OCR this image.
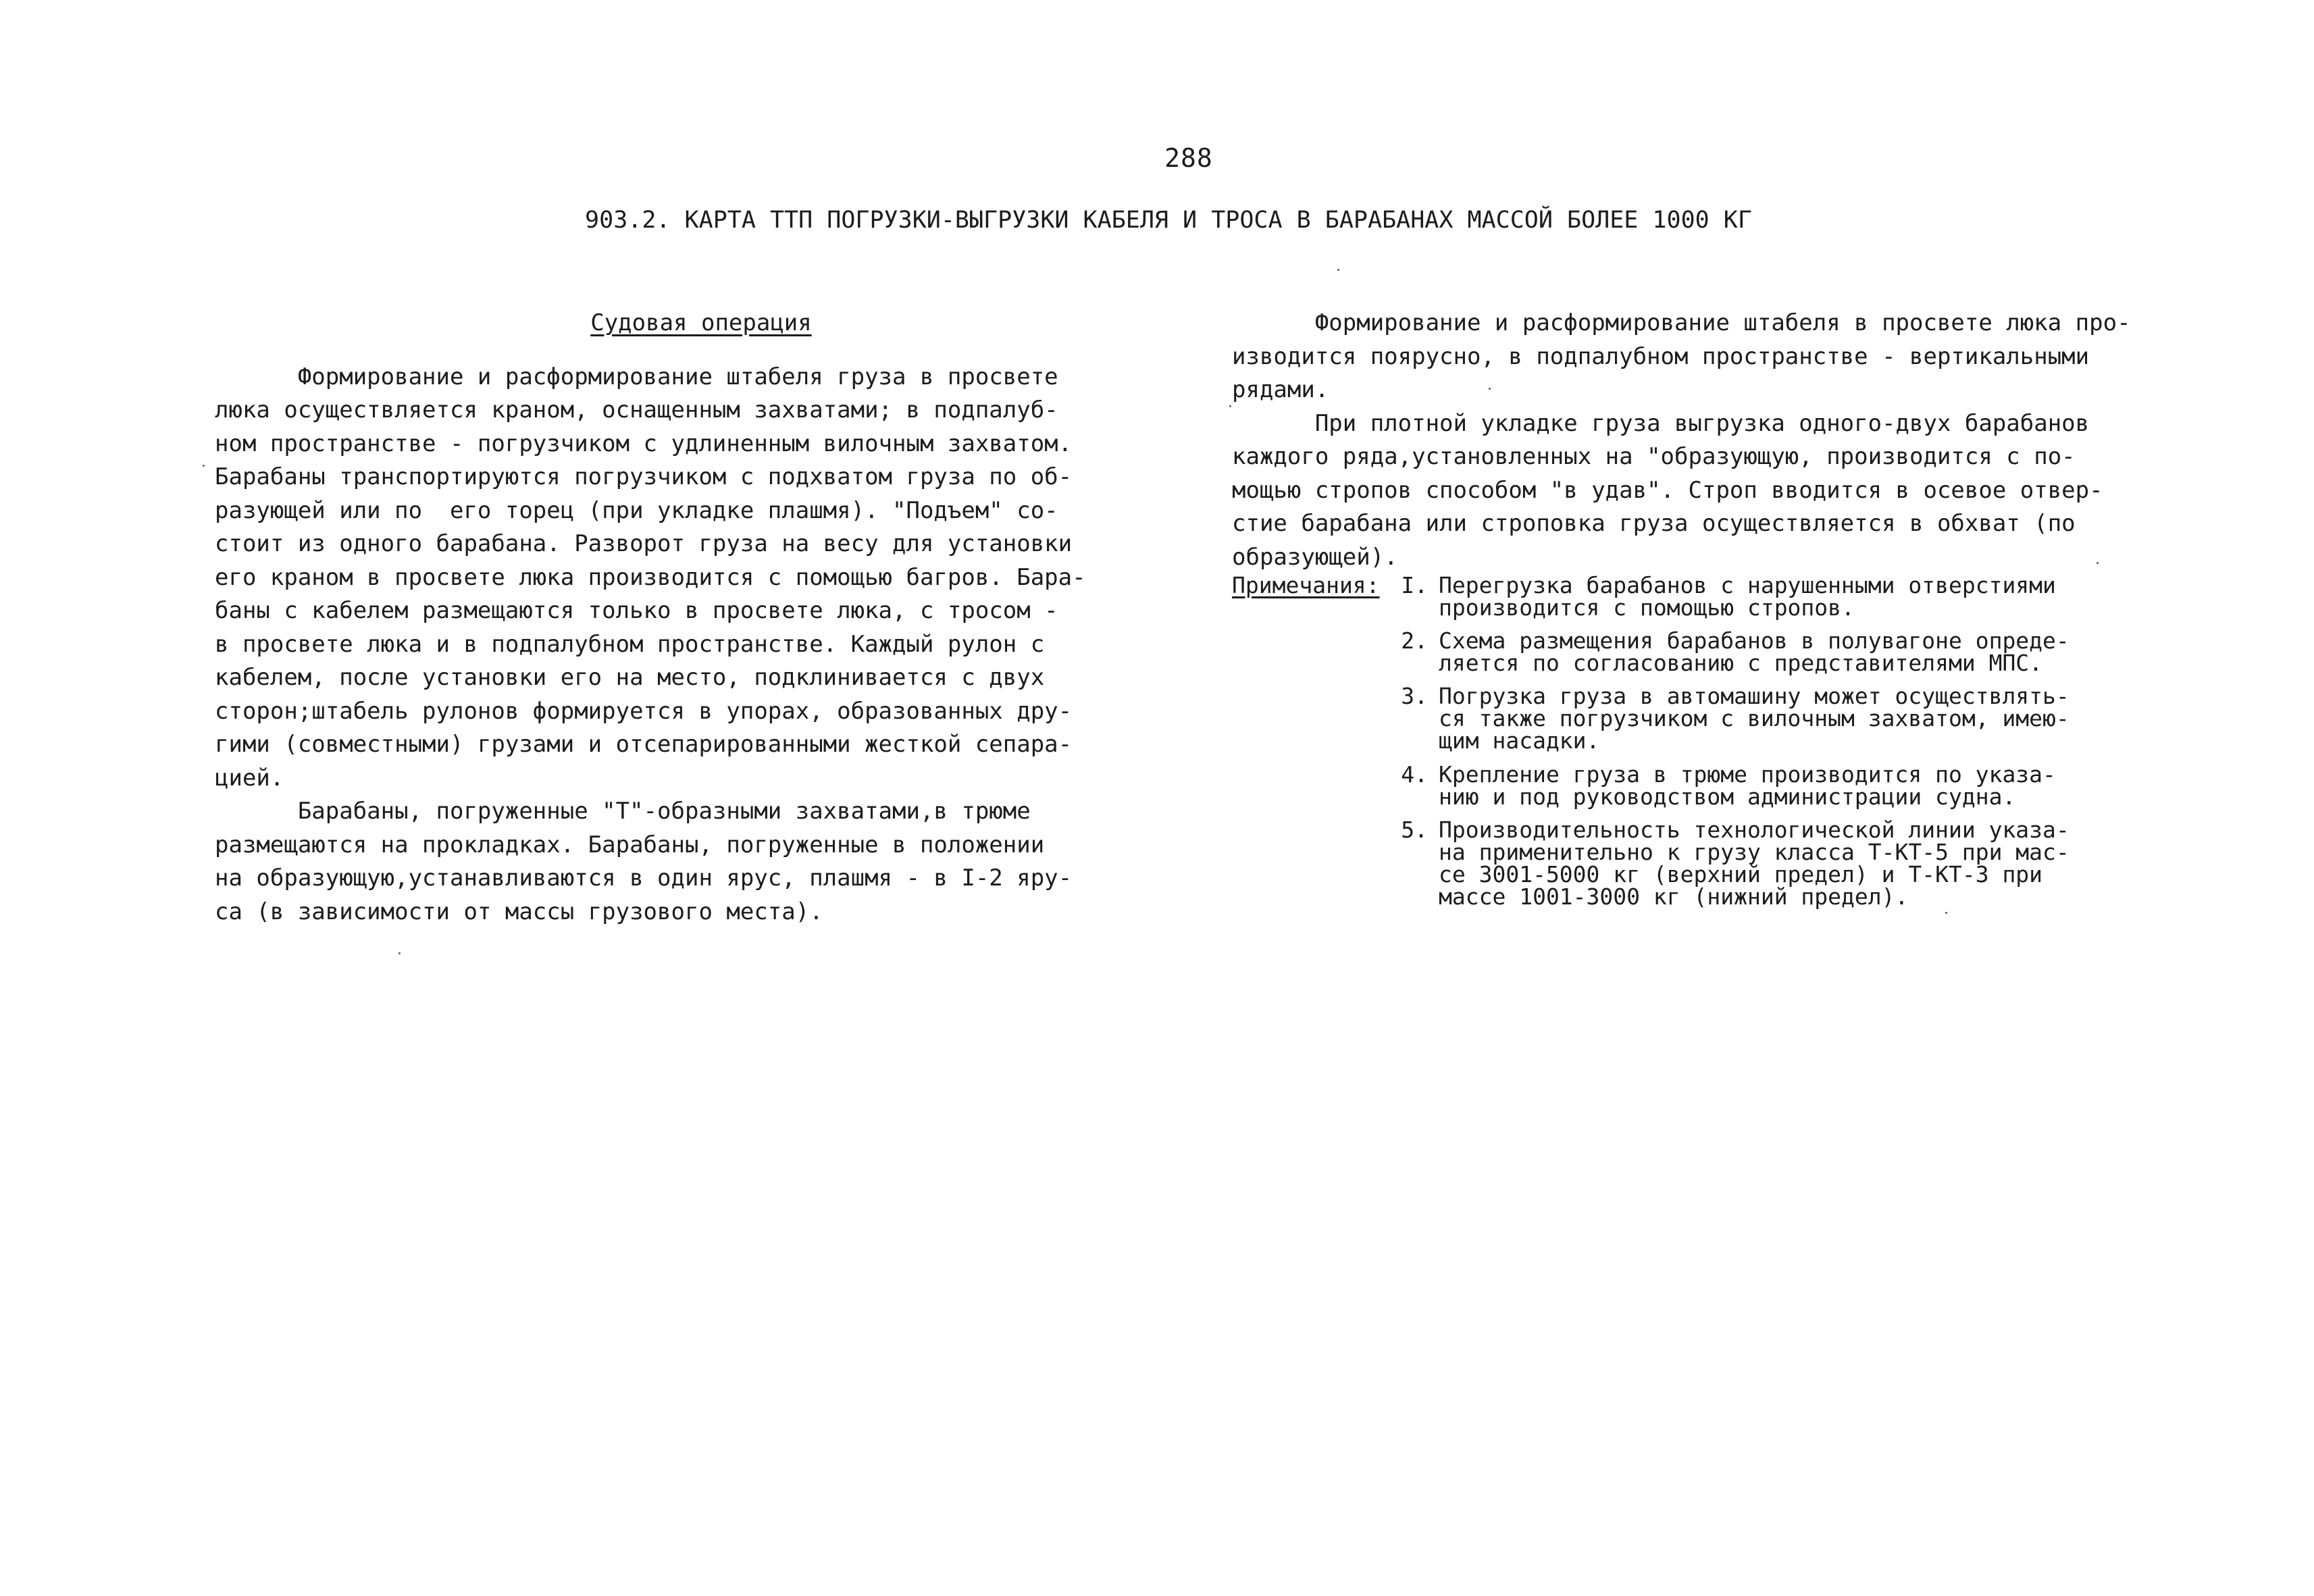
288
903.2. КАРТА ТТП ПОГРУЗКИ-ВЫГРУЗКИ КАБЕЛЯ И ТРОСА В БАРАБАНАХ МАССОЙ БОЛЕЕ 1000 КГ
Судовая операция
Формирование и расформирование штабеля груза в просвете
люка осуществляется краном, оснащенным захватами; в подпалуб-
ном пространстве - погрузчиком с удлиненным вилочным захватом.
Барабаны транспортируются погрузчиком с подхватом груза по об-
разующей или по  его торец (при укладке плашмя). "Подъем" со-
стоит из одного барабана. Разворот груза на весу для установки
его краном в просвете люка производится с помощью багров. Бара-
баны с кабелем размещаются только в просвете люка, с тросом -
в просвете люка и в подпалубном пространстве. Каждый рулон с
кабелем, после установки его на место, подклинивается с двух
сторон;штабель рулонов формируется в упорах, образованных дру-
гими (совместными) грузами и отсепарированными жесткой сепара-
цией.
Барабаны, погруженные "Т"-образными захватами,в трюме
размещаются на прокладках. Барабаны, погруженные в положении
на образующую,устанавливаются в один ярус, плашмя - в I-2 яру-
са (в зависимости от массы грузового места).
Формирование и расформирование штабеля в просвете люка про-
изводится поярусно, в подпалубном пространстве - вертикальными
рядами.
При плотной укладке груза выгрузка одного-двух барабанов
каждого ряда,установленных на "образующую, производится с по-
мощью стропов способом "в удав". Строп вводится в осевое отвер-
стие барабана или строповка груза осуществляется в обхват (по
образующей).
Примечания: I. Перегрузка барабанов с нарушенными отверстиями
производится с помощью стропов.
2. Схема размещения барабанов в полувагоне опреде-
ляется по согласованию с представителями МПС.
3. Погрузка груза в автомашину может осуществлять-
ся также погрузчиком с вилочным захватом, имею-
щим насадки.
4. Крепление груза в трюме производится по указа-
нию и под руководством администрации судна.
5. Производительность технологической линии указа-
на применительно к грузу класса Т-КТ-5 при мас-
се 3001-5000 кг (верхний предел) и Т-КТ-3 при
массе 1001-3000 кг (нижний предел).
